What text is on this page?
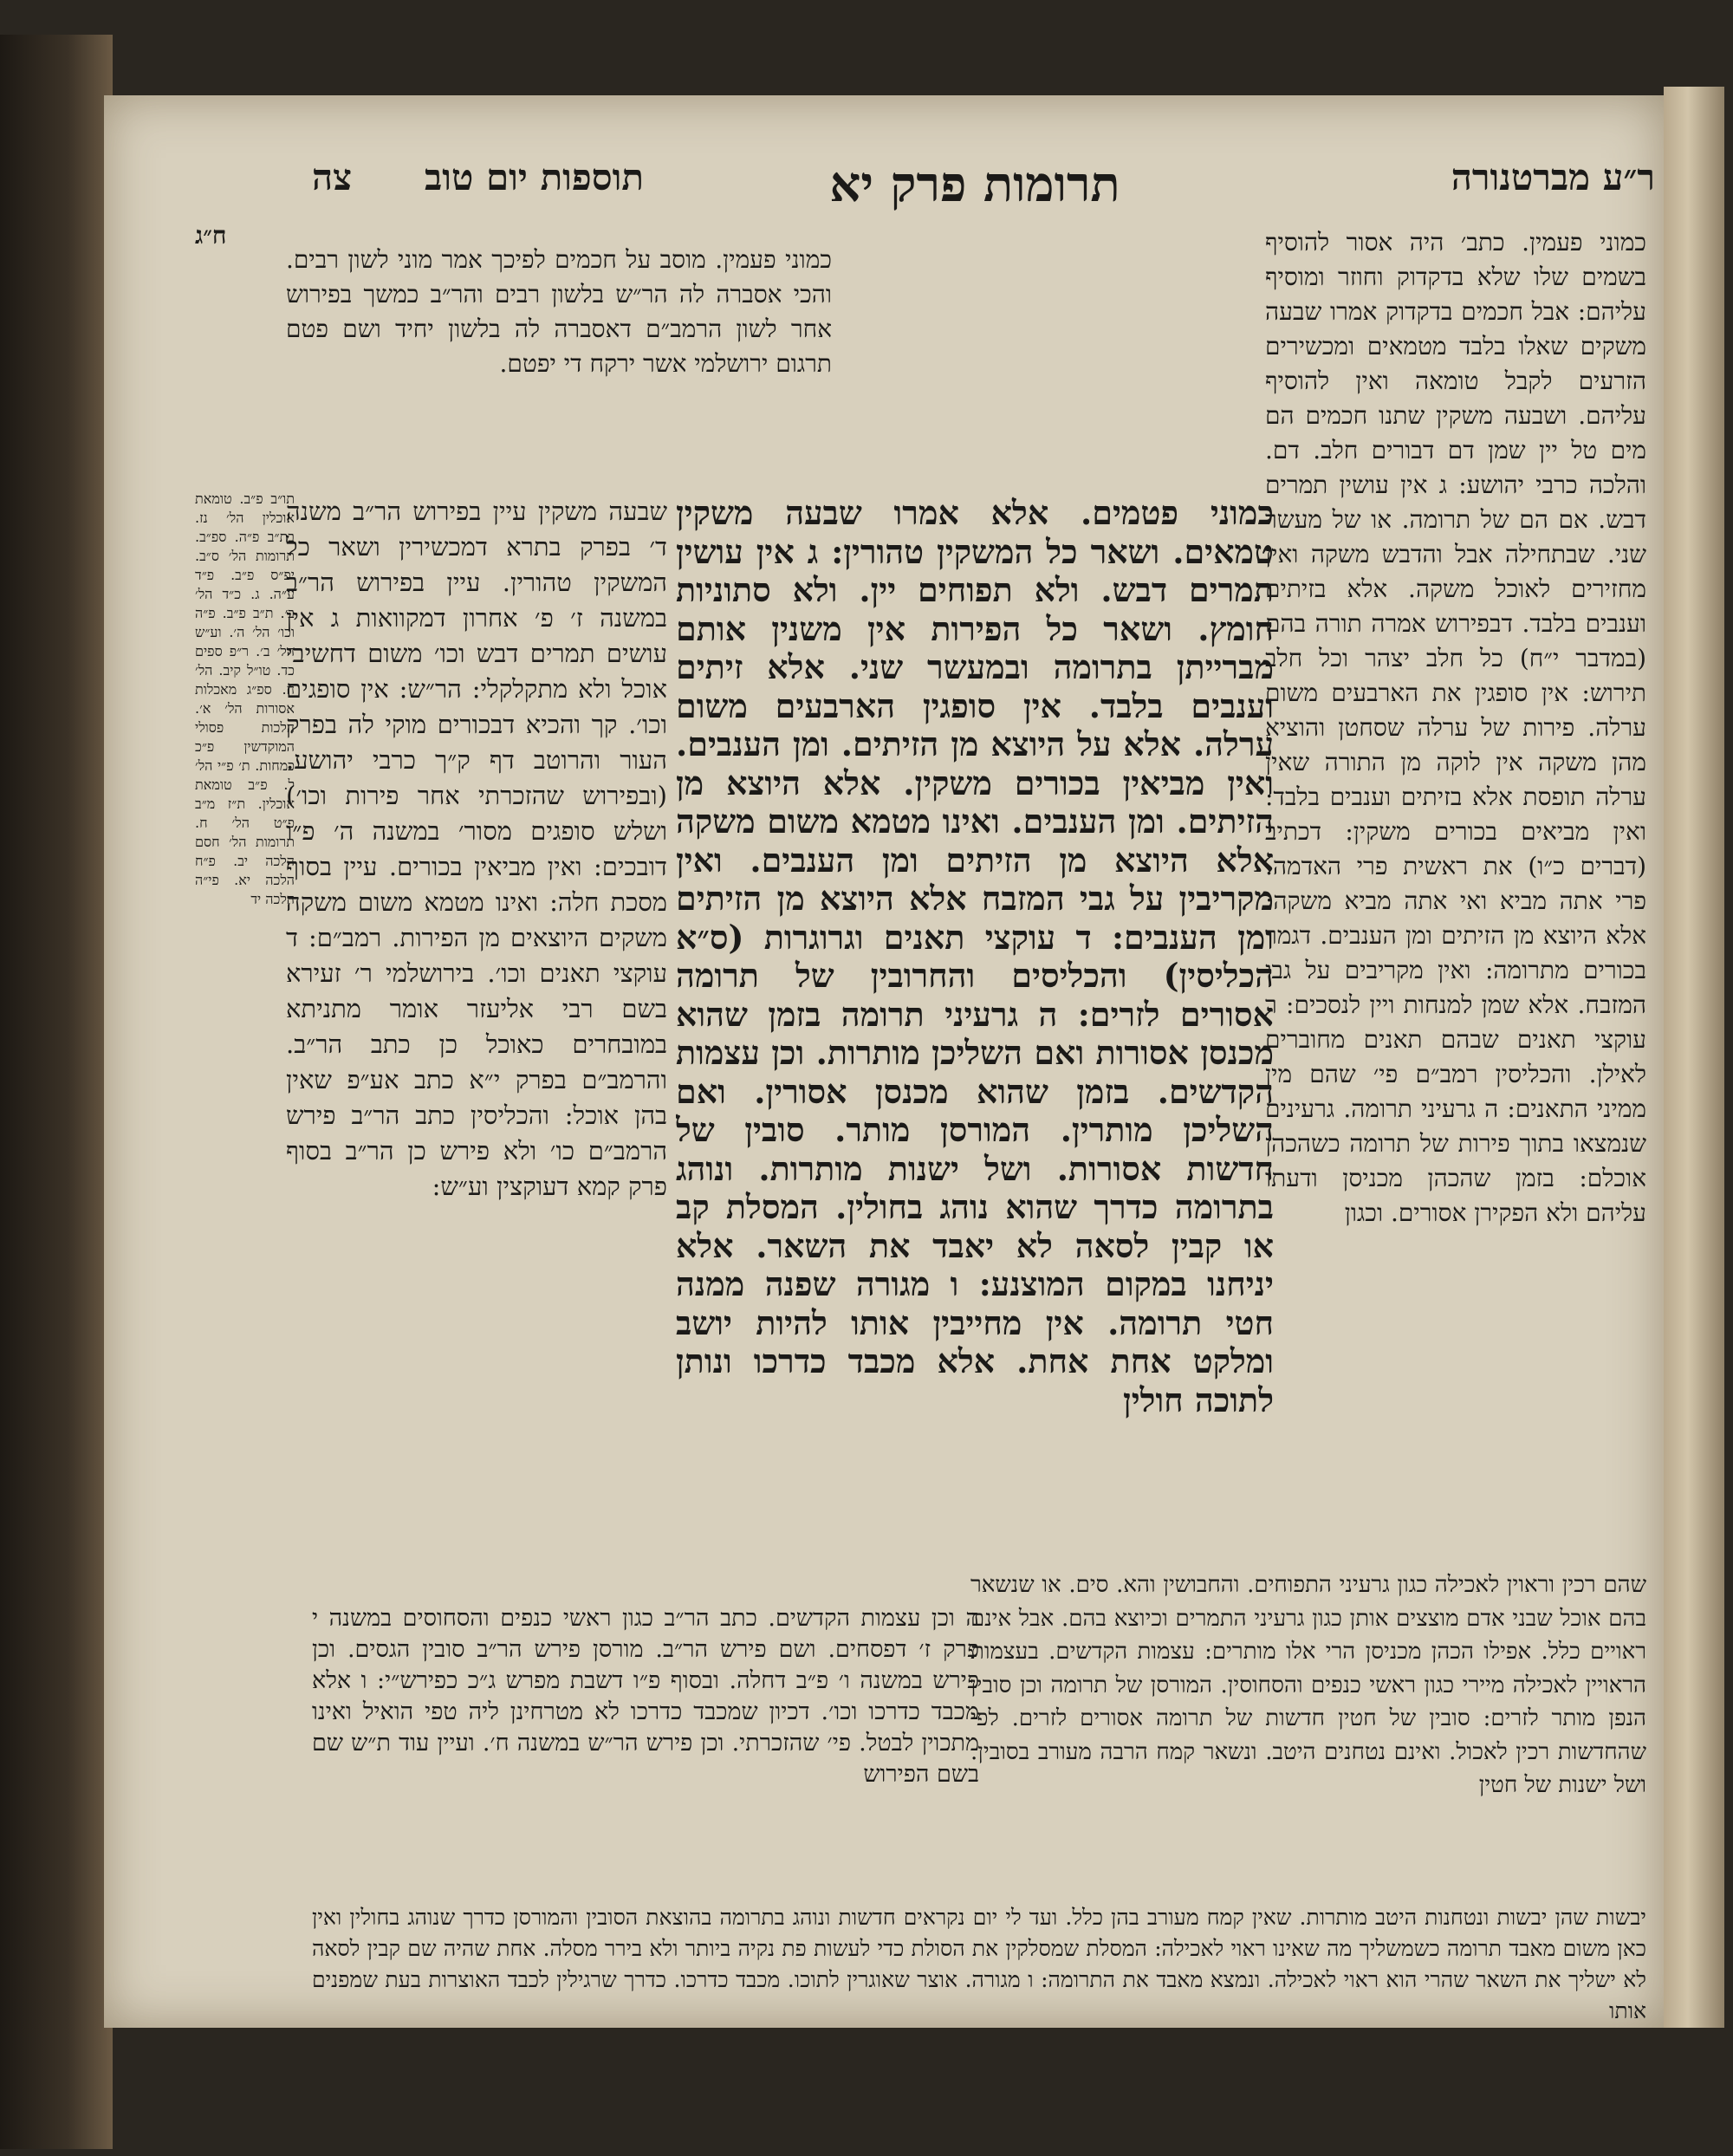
ר״ע מברטנורה
תרומות פרק יא
תוספות יום טוב
צה
ח״ג	כמוני פעמין. כתב׳ היה אסור להוסיף בשמים שלו שלא בדקדוק וחוזר ומוסיף עליהם: אבל חכמים בדקדוק אמרו שבעה משקים שאלו בלבד מטמאים ומכשירים הזרעים לקבל טומאה ואין להוסיף עליהם. ושבעה משקין שתנו חכמים הם מים טל יין שמן דם דבורים חלב. דם. והלכה כרבי יהושע: ג אין עושין תמרים דבש. אם הם של תרומה. או של מעשר שני. שבתחילה אבל והדבש משקה ואין מחזירים לאוכל משקה. אלא בזיתים וענבים בלבד. דבפירוש אמרה תורה בהם (במדבר י״ח) כל חלב יצהר וכל חלב תירוש: אין סופגין את הארבעים משום ערלה. פירות של ערלה שסחטן והוציא מהן משקה אין לוקה מן התורה שאין ערלה תופסת אלא בזיתים וענבים בלבד: ואין מביאים בכורים משקין: דכתיב (דברים כ״ו) את ראשית פרי האדמה. פרי אתה מביא ואי אתה מביא משקה: אלא היוצא מן הזיתים ומן הענבים. דגמר בכורים מתרומה: ואין מקריבים על גבי המזבח. אלא שמן למנחות ויין לנסכים: ר עוקצי תאנים שבהם תאנים מחוברים לאילן. והכליסין רמב״ם פי׳ שהם מין ממיני התאנים: ה גרעיני תרומה. גרעינים שנמצאו בתוך פירות של תרומה כשהכהן אוכלם: בזמן שהכהן מכניסן ודעתו עליהם ולא הפקירן אסורים. וכגון

כמוני פעמין. מוסב על חכמים לפיכך אמר מוני לשון רבים. והכי אסברה לה הר״ש בלשון רבים והר״ב כמשך בפירוש אחר לשון הרמב״ם דאסברה לה בלשון יחיד ושם פטם תרגום ירושלמי אשר ירקח די יפטם.

כמוני פטמים. אלא אמרו שבעה משקין טמאים. ושאר כל המשקין טהורין: ג אין עושין תמרים דבש. ולא תפוחים יין. ולא סתוניות חומץ. ושאר כל הפירות אין משנין אותם מברייתן בתרומה ובמעשר שני. אלא זיתים וענבים בלבד. אין סופגין הארבעים משום ערלה. אלא על היוצא מן הזיתים. ומן הענבים. ואין מביאין בכורים משקין. אלא היוצא מן הזיתים. ומן הענבים. ואינו מטמא משום משקה אלא היוצא מן הזיתים ומן הענבים. ואין מקריבין על גבי המזבח אלא היוצא מן הזיתים ומן הענבים: ד עוקצי תאנים וגרוגרות (ס״א הכליסין) והכליסים והחרובין של תרומה אסורים לזרים: ה גרעיני תרומה בזמן שהוא מכנסן אסורות ואם השליכן מותרות. וכן עצמות הקדשים. בזמן שהוא מכנסן אסורין. ואם השליכן מותרין. המורסן מותר. סובין של חדשות אסורות. ושל ישנות מותרות. ונוהג בתרומה כדרך שהוא נוהג בחולין. המסלת קב או קבין לסאה לא יאבד את השאר. אלא יניחנו במקום המוצנע: ו מגורה שפנה ממנה חטי תרומה. אין מחייבין אותו להיות יושב ומלקט אחת אחת. אלא מכבד כדרכו ונותן לתוכה חולין

שבעה משקין עיין בפירוש הר״ב משנה ד׳ בפרק בתרא דמכשירין ושאר כל המשקין טהורין. עיין בפירוש הר״ב במשנה ז׳ פ׳ אחרון דמקוואות ג אין עושים תמרים דבש וכו׳ משום דחשיבי אוכל ולא מתקלקלי: הר״ש: אין סופגים וכו׳. קך והכיא דבכורים מוקי לה בפרק העור והרוטב דף ק״ך כרבי יהושע. (ובפירוש שהזכרתי אחר פירות וכו׳) ושלש סופגים מסור׳ במשנה ה׳ פ״ו דובכים: ואין מביאין בכורים. עיין בסוף מסכת חלה: ואינו מטמא משום משקה משקים היוצאים מן הפירות. רמב״ם: ד עוקצי תאנים וכו׳. בירושלמי ר׳ זעירא בשם רבי אליעזר אומר מתניתא במובחרים כאוכל כן כתב הר״ב. והרמב״ם בפרק י״א כתב אע״פ שאין בהן אוכל: והכליסין כתב הר״ב פירש הרמב״ם כו׳ ולא פירש כן הר״ב בסוף פרק קמא דעוקצין וע״ש:

תו״ב פ״ב. טומאת אוכלין הל׳ נז. בת״ב פ״ה. ספ״ב. תרומות הל׳ ס״ב. יפ״ס פ״ב. פ״ד ע״ה. ג. כ״ד הל׳ ב׳. ת״ב פ״ב. פ״ה וכו׳ הל׳ ה׳. וע״ש הל׳ ב׳. ר״פ ספים כד. טו״ל קיב. הל׳ ח. ספ״ג מאכלות אסורות הל׳ א׳. הלכות פסולי המוקדשין פ״כ כמחות. ת׳ פ״י הל׳ ל. פ״ב טומאת אוכלין. ת״ז מ״ב פ״ט הל׳ ח. תרומות הל׳ חסם הלכה יב. פ״ח הלכה יא. פי״ה הלכה יד

שהם רכין וראוין לאכילה כגון גרעיני התפוחים. והחבושין והא. סים. או שנשאר בהם אוכל שבני אדם מוצצים אותן כגון גרעיני התמרים וכיוצא בהם. אבל אינם ראויים כלל. אפילו הכהן מכניסן הרי אלו מותרים: עצמות הקדשים. בעצמות הראויין לאכילה מיירי כגון ראשי כנפים והסחוסין. המורסן של תרומה וכן סובין הנפן מותר לזרים: סובין של חטין חדשות של תרומה אסורים לזרים. לפי שהחדשות רכין לאכול. ואינם נטחנים היטב. ונשאר קמח הרבה מעורב בסובין. ושל ישנות של חטין

ה וכן עצמות הקדשים. כתב הר״ב כגון ראשי כנפים והסחוסים במשנה י פרק ז׳ דפסחים. ושם פירש הר״ב. מורסן פירש הר״ב סובין הגסים. וכן פירש במשנה ו׳ פ״ב דחלה. ובסוף פ״ו דשבת מפרש ג״כ כפירש״י: ו אלא מכבד כדרכו וכו׳. דכיון שמכבד כדרכו לא מטרחינן ליה טפי הואיל ואינו מתכוין לבטל. פי׳ שהזכרתי. וכן פירש הר״ש במשנה ח׳. ועיין עוד ת״ש שם בשם הפירוש

יבשות שהן יבשות ונטחנות היטב מותרות. שאין קמח מעורב בהן כלל. ועד לי יום נקראים חדשות ונוהג בתרומה בהוצאת הסובין והמורסן כדרך שנוהג בחולין ואין כאן משום מאבד תרומה כשמשליך מה שאינו ראוי לאכילה: המסלת שמסלקין את הסולת כדי לעשות פת נקיה ביותר ולא בירר מסלה. אחת שהיה שם קבין לסאה לא ישליך את השאר שהרי הוא ראוי לאכילה. ונמצא מאבד את התרומה: ו מגורה. אוצר שאוגרין לתוכו. מכבד כדרכו. כדרך שרגילין לכבד האוצרות בעת שמפנים אותו
